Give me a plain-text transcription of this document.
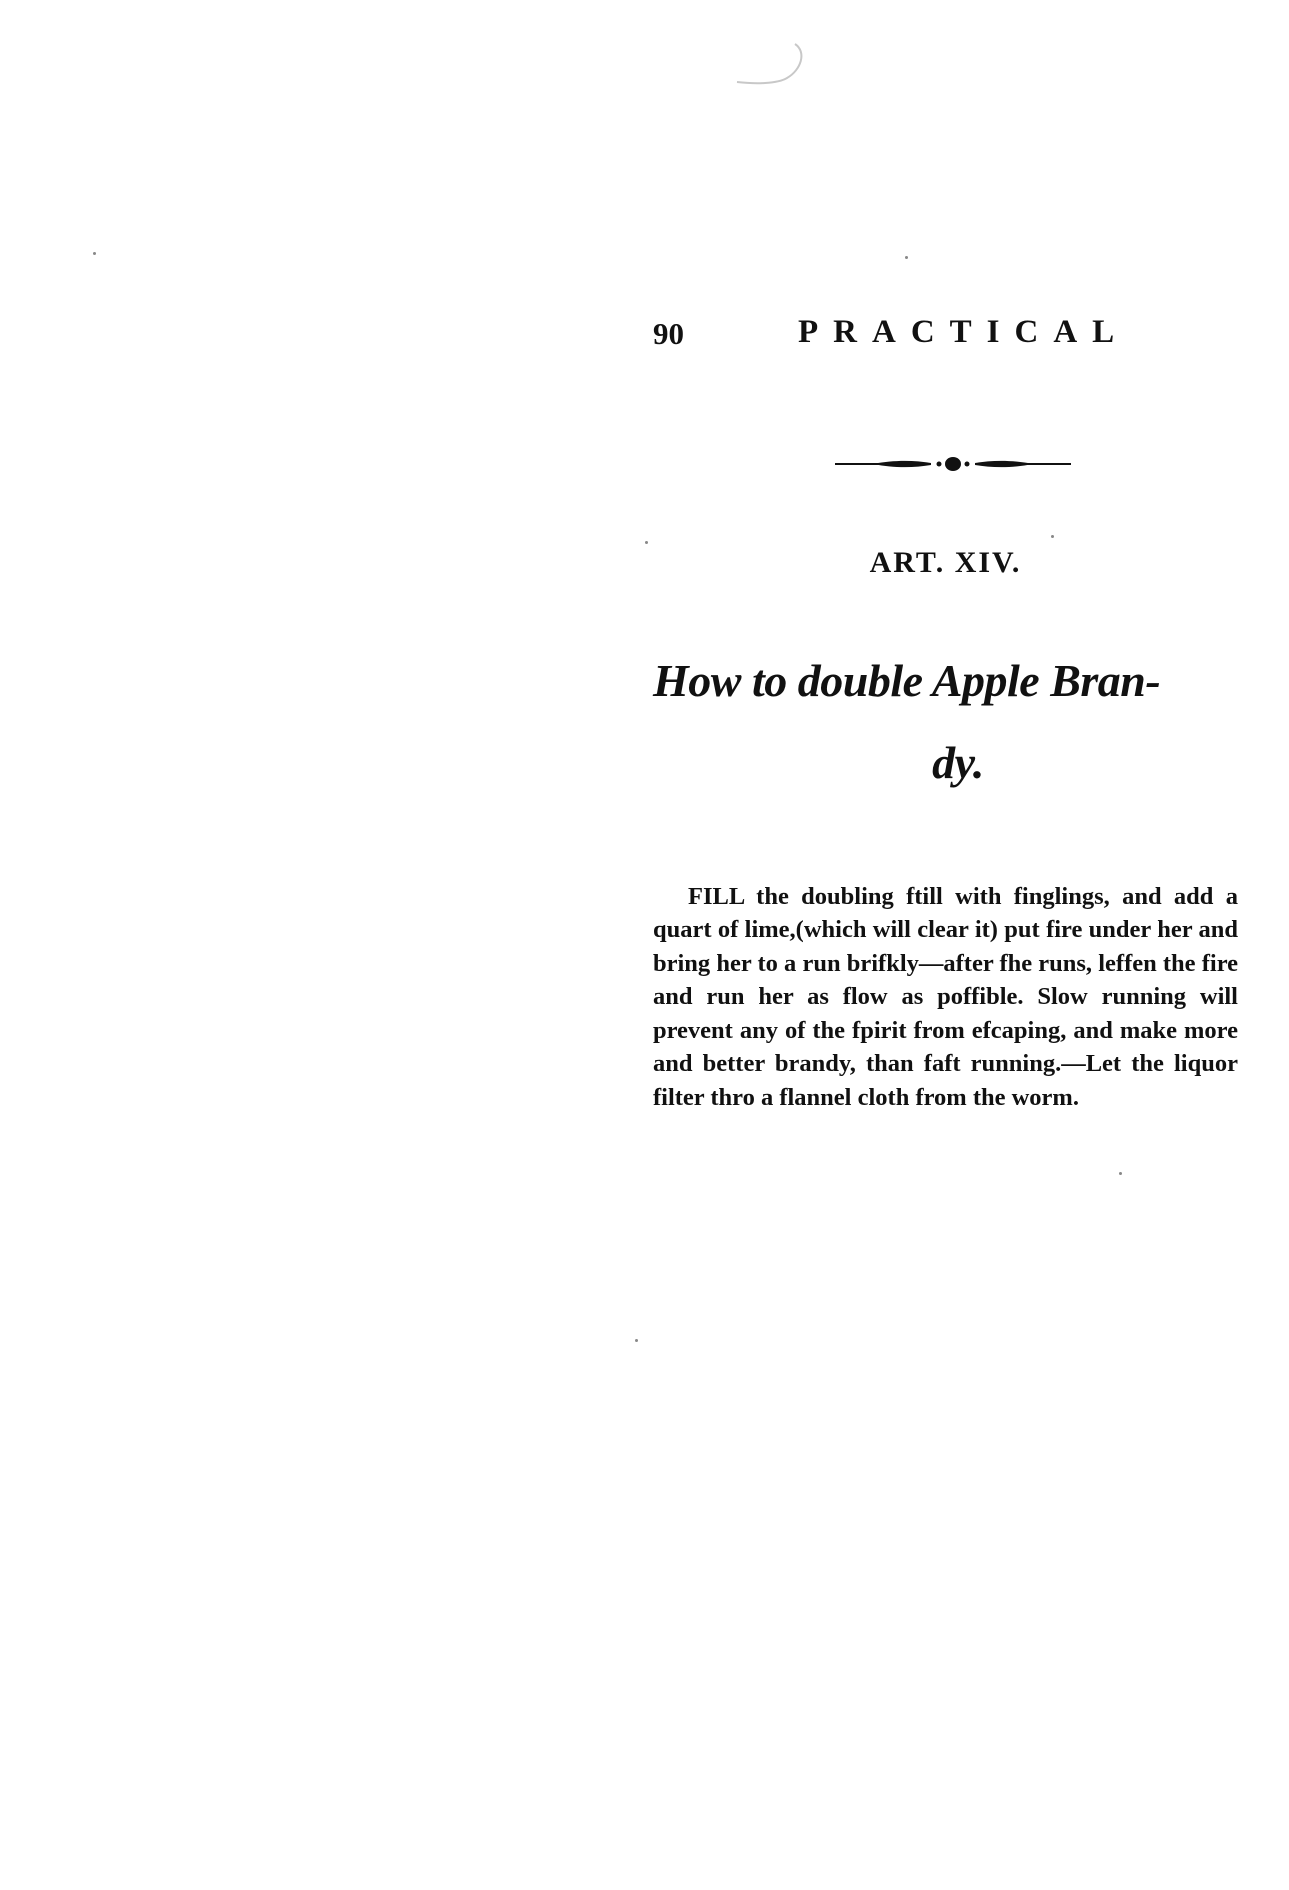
90	PRACTICAL
ART. XIV.
How to double Apple Bran-
dy.

FILL the doubling ftill with finglings, and add a quart of lime,(which will clear it) put fire under her and bring her to a run brifkly—after fhe runs, leffen the fire and run her as flow as poffible. Slow running will prevent any of the fpirit from efcaping, and make more and better brandy, than faft running.—Let the liquor filter thro a flannel cloth from the worm.
